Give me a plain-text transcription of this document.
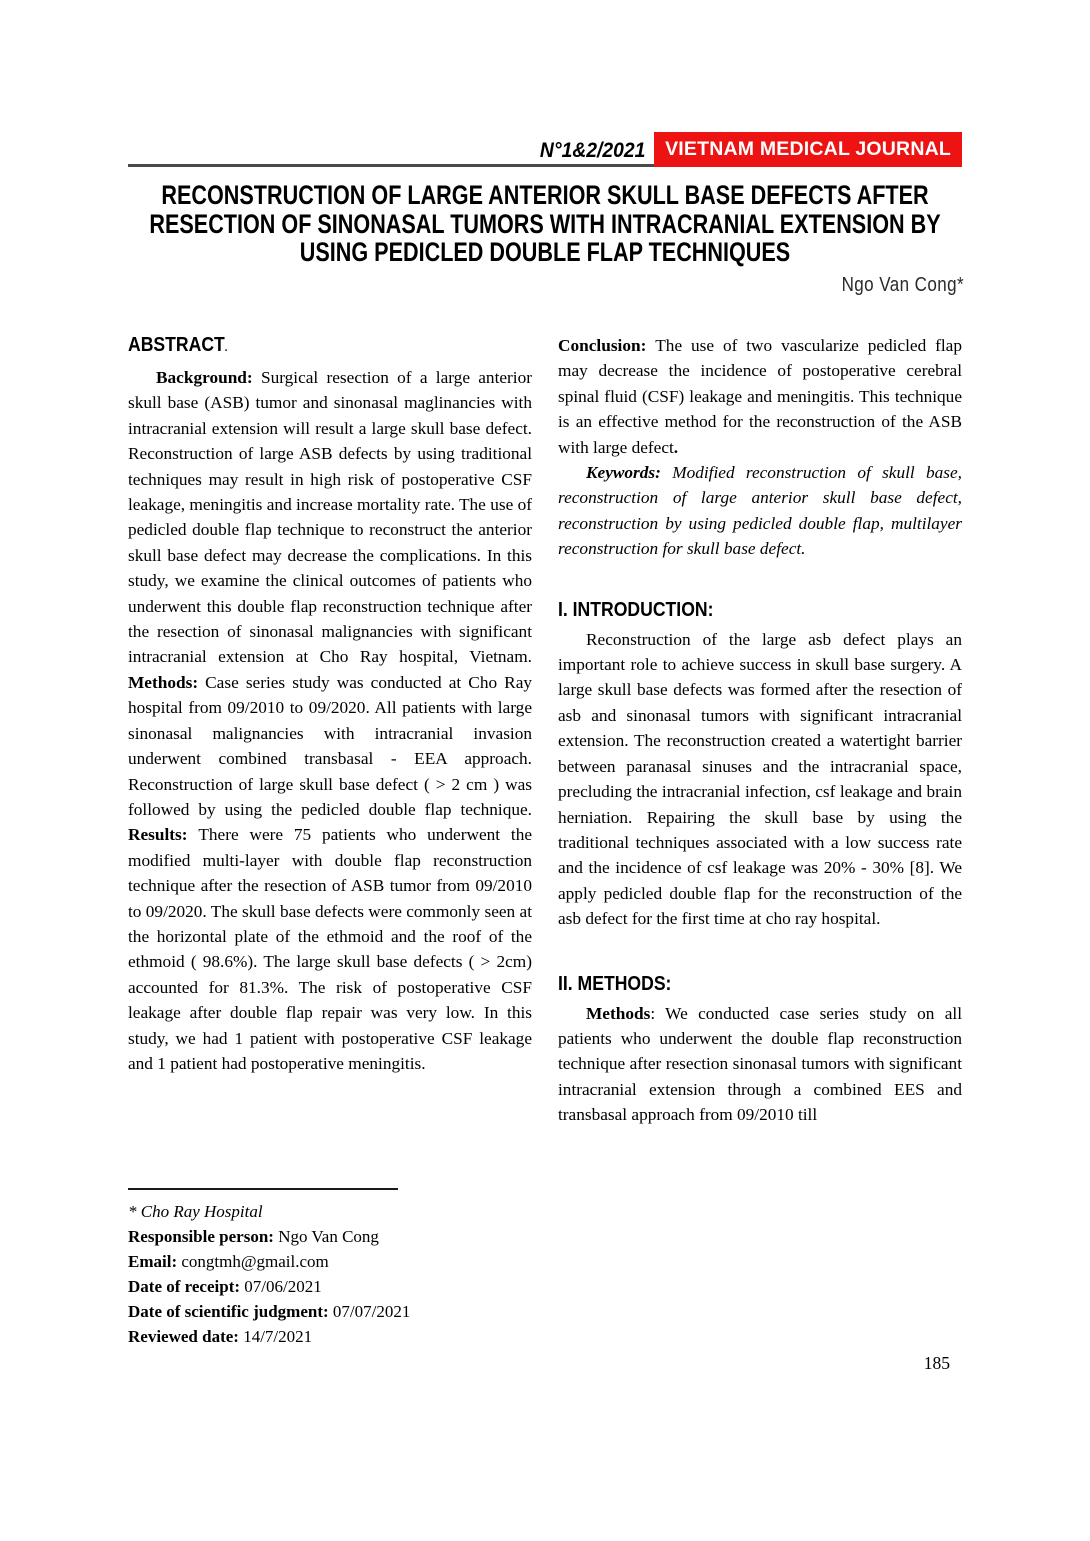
N°1&2/2021 VIETNAM MEDICAL JOURNAL
RECONSTRUCTION OF LARGE ANTERIOR SKULL BASE DEFECTS AFTER
RESECTION OF SINONASAL TUMORS WITH INTRACRANIAL EXTENSION BY
USING PEDICLED DOUBLE FLAP TECHNIQUES
Ngo Van Cong*
ABSTRACT.

Background: Surgical resection of a large anterior skull base (ASB) tumor and sinonasal maglinancies with intracranial extension will result a large skull base defect. Reconstruction of large ASB defects by using traditional techniques may result in high risk of postoperative CSF leakage, meningitis and increase mortality rate. The use of pedicled double flap technique to reconstruct the anterior skull base defect may decrease the complications. In this study, we examine the clinical outcomes of patients who underwent this double flap reconstruction technique after the resection of sinonasal malignancies with significant intracranial extension at Cho Ray hospital, Vietnam. Methods: Case series study was conducted at Cho Ray hospital from 09/2010 to 09/2020. All patients with large sinonasal malignancies with intracranial invasion underwent combined transbasal - EEA approach. Reconstruction of large skull base defect ( > 2 cm ) was followed by using the pedicled double flap technique. Results: There were 75 patients who underwent the modified multi-layer with double flap reconstruction technique after the resection of ASB tumor from 09/2010 to 09/2020. The skull base defects were commonly seen at the horizontal plate of the ethmoid and the roof of the ethmoid ( 98.6%). The large skull base defects ( > 2cm) accounted for 81.3%. The risk of postoperative CSF leakage after double flap repair was very low. In this study, we had 1 patient with postoperative CSF leakage and 1 patient had postoperative meningitis.

* Cho Ray Hospital
Responsible person: Ngo Van Cong
Email: congtmh@gmail.com
Date of receipt: 07/06/2021
Date of scientific judgment: 07/07/2021
Reviewed date: 14/7/2021

Conclusion: The use of two vascularize pedicled flap may decrease the incidence of postoperative cerebral spinal fluid (CSF) leakage and meningitis. This technique is an effective method for the reconstruction of the ASB with large defect.

Keywords: Modified reconstruction of skull base, reconstruction of large anterior skull base defect, reconstruction by using pedicled double flap, multilayer reconstruction for skull base defect.

I. INTRODUCTION:

Reconstruction of the large asb defect plays an important role to achieve success in skull base surgery. A large skull base defects was formed after the resection of asb and sinonasal tumors with significant intracranial extension. The reconstruction created a watertight barrier between paranasal sinuses and the intracranial space, precluding the intracranial infection, csf leakage and brain herniation. Repairing the skull base by using the traditional techniques associated with a low success rate and the incidence of csf leakage was 20% - 30% [8]. We apply pedicled double flap for the reconstruction of the asb defect for the first time at cho ray hospital.

II. METHODS:

Methods: We conducted case series study on all patients who underwent the double flap reconstruction technique after resection sinonasal tumors with significant intracranial extension through a combined EES and transbasal approach from 09/2010 till

185
